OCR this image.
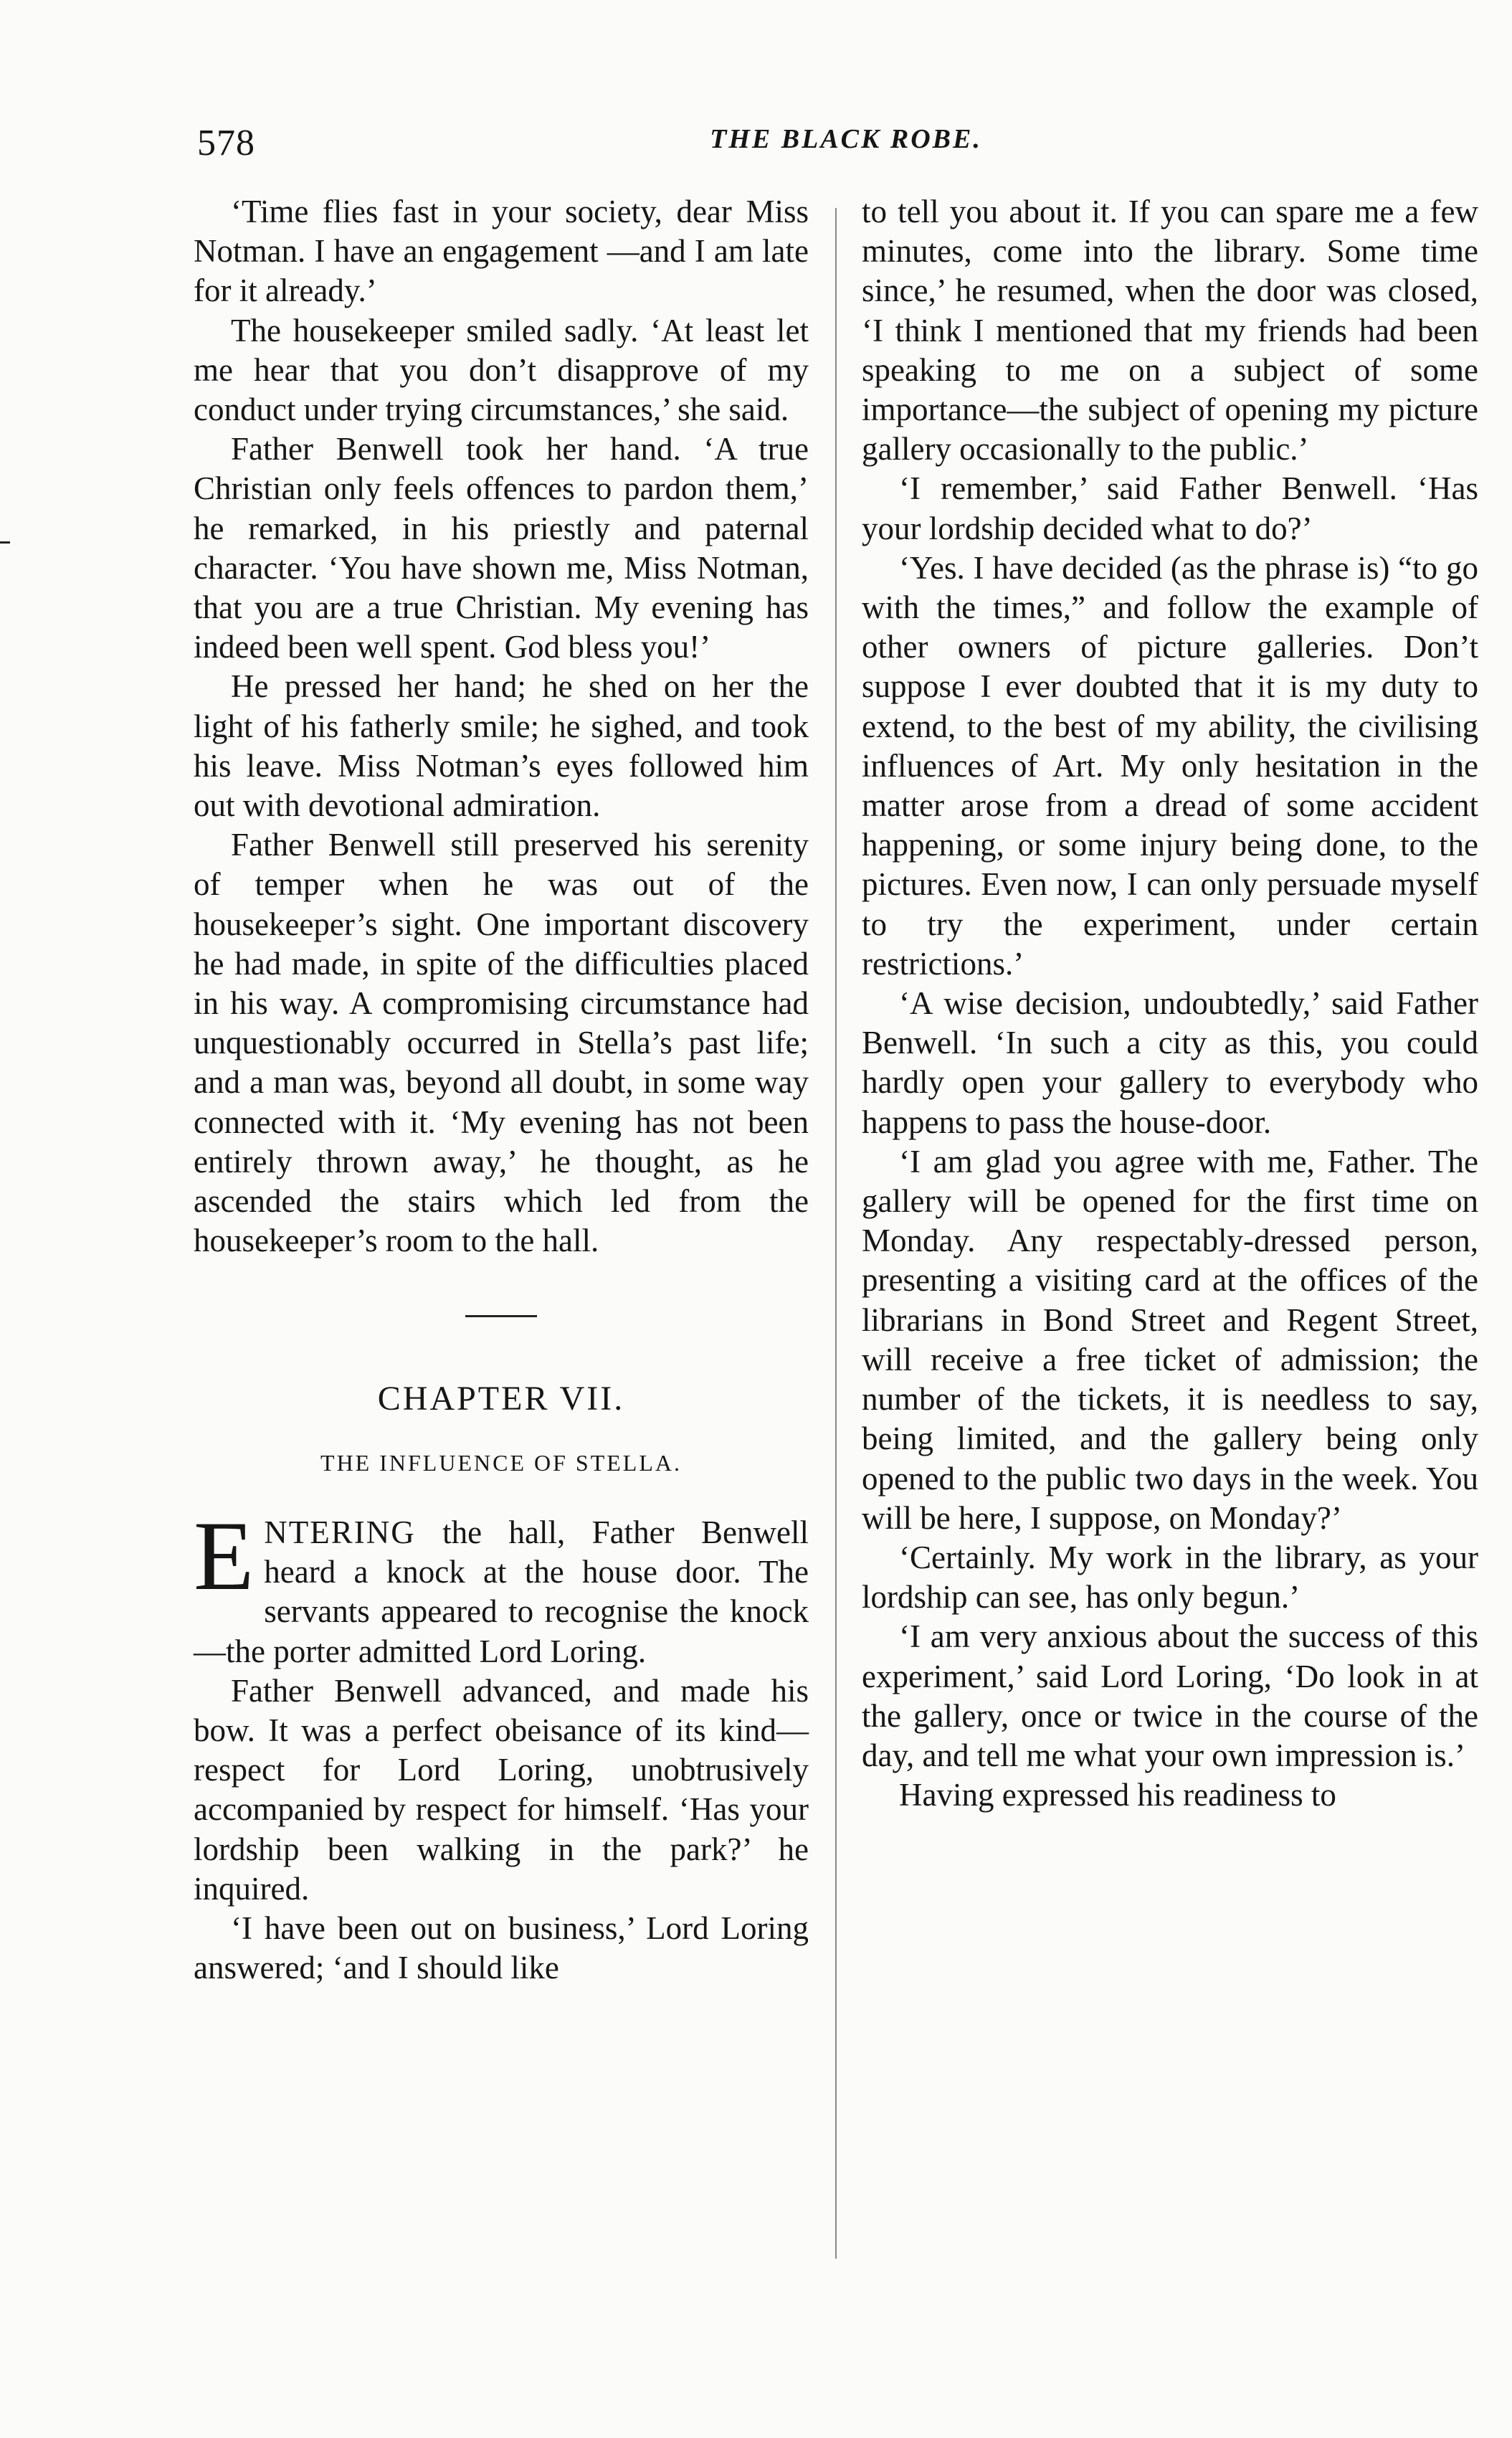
578	THE BLACK ROBE.

‘Time flies fast in your society, dear Miss Notman. I have an engagement —and I am late for it already.’

The housekeeper smiled sadly. ‘At least let me hear that you don’t disapprove of my conduct under trying circumstances,’ she said.

Father Benwell took her hand. ‘A true Christian only feels offences to pardon them,’ he remarked, in his priestly and paternal character. ‘You have shown me, Miss Notman, that you are a true Christian. My evening has indeed been well spent. God bless you!’

He pressed her hand; he shed on her the light of his fatherly smile; he sighed, and took his leave. Miss Notman’s eyes followed him out with devotional admiration.

Father Benwell still preserved his serenity of temper when he was out of the housekeeper’s sight. One important discovery he had made, in spite of the difficulties placed in his way. A compromising circumstance had unquestionably occurred in Stella’s past life; and a man was, beyond all doubt, in some way connected with it. ‘My evening has not been entirely thrown away,’ he thought, as he ascended the stairs which led from the housekeeper’s room to the hall.

CHAPTER VII.
THE INFLUENCE OF STELLA.

ENTERING the hall, Father Benwell heard a knock at the house door. The servants appeared to recognise the knock—the porter admitted Lord Loring.

Father Benwell advanced, and made his bow. It was a perfect obeisance of its kind—respect for Lord Loring, unobtrusively accompanied by respect for himself. ‘Has your lordship been walking in the park?’ he inquired.

‘I have been out on business,’ Lord Loring answered; ‘and I should like

to tell you about it. If you can spare me a few minutes, come into the library. Some time since,’ he resumed, when the door was closed, ‘I think I mentioned that my friends had been speaking to me on a subject of some importance—the subject of opening my picture gallery occasionally to the public.’

‘I remember,’ said Father Benwell. ‘Has your lordship decided what to do?’

‘Yes. I have decided (as the phrase is) “to go with the times,” and follow the example of other owners of picture galleries. Don’t suppose I ever doubted that it is my duty to extend, to the best of my ability, the civilising influences of Art. My only hesitation in the matter arose from a dread of some accident happening, or some injury being done, to the pictures. Even now, I can only persuade myself to try the experiment, under certain restrictions.’

‘A wise decision, undoubtedly,’ said Father Benwell. ‘In such a city as this, you could hardly open your gallery to everybody who happens to pass the house-door.

‘I am glad you agree with me, Father. The gallery will be opened for the first time on Monday. Any respectably-dressed person, presenting a visiting card at the offices of the librarians in Bond Street and Regent Street, will receive a free ticket of admission; the number of the tickets, it is needless to say, being limited, and the gallery being only opened to the public two days in the week. You will be here, I suppose, on Monday?’

‘Certainly. My work in the library, as your lordship can see, has only begun.’

‘I am very anxious about the success of this experiment,’ said Lord Loring, ‘Do look in at the gallery, once or twice in the course of the day, and tell me what your own impression is.’

Having expressed his readiness to
